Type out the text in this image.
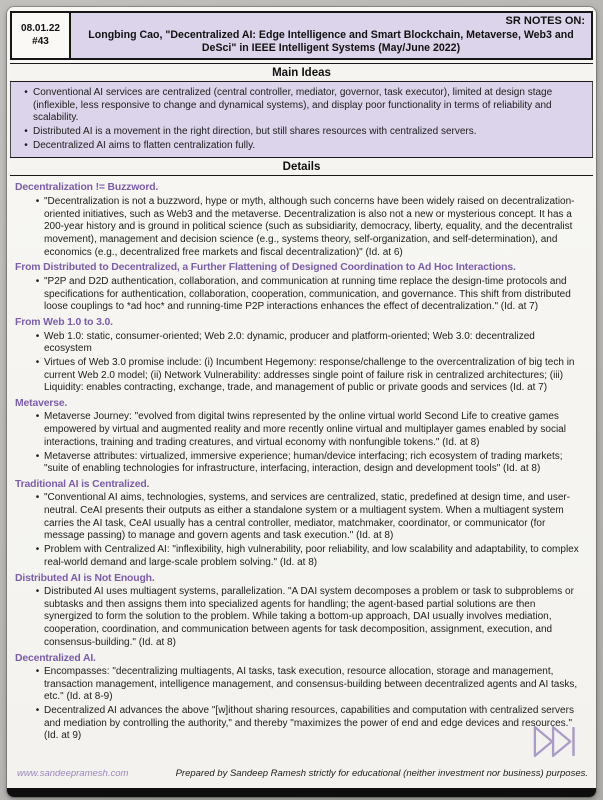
08.01.22
#43
SR NOTES ON:
Longbing Cao, "Decentralized AI: Edge Intelligence and Smart Blockchain, Metaverse, Web3 and DeSci" in IEEE Intelligent Systems (May/June 2022)
Main Ideas
• Conventional AI services are centralized (central controller, mediator, governor, task executor), limited at design stage (inflexible, less responsive to change and dynamical systems), and display poor functionality in terms of reliability and scalability.
• Distributed AI is a movement in the right direction, but still shares resources with centralized servers.
• Decentralized AI aims to flatten centralization fully.
Details
Decentralization != Buzzword.
• "Decentralization is not a buzzword, hype or myth, although such concerns have been widely raised on decentralization-oriented initiatives, such as Web3 and the metaverse. Decentralization is also not a new or mysterious concept. It has a 200-year history and is ground in political science (such as subsidiarity, democracy, liberty, equality, and the decentralist movement), management and decision science (e.g., systems theory, self-organization, and self-determination), and economics (e.g., decentralized free markets and fiscal decentralization)" (Id. at 6)
From Distributed to Decentralized, a Further Flattening of Designed Coordination to Ad Hoc Interactions.
• "P2P and D2D authentication, collaboration, and communication at running time replace the design-time protocols and specifications for authentication, collaboration, cooperation, communication, and governance. This shift from distributed loose couplings to *ad hoc* and running-time P2P interactions enhances the effect of decentralization." (Id. at 7)
From Web 1.0 to 3.0.
• Web 1.0: static, consumer-oriented; Web 2.0: dynamic, producer and platform-oriented; Web 3.0: decentralized ecosystem
• Virtues of Web 3.0 promise include: (i) Incumbent Hegemony: response/challenge to the overcentralization of big tech in current Web 2.0 model; (ii) Network Vulnerability: addresses single point of failure risk in centralized architectures; (iii) Liquidity: enables contracting, exchange, trade, and management of public or private goods and services (Id. at 7)
Metaverse.
• Metaverse Journey: "evolved from digital twins represented by the online virtual world Second Life to creative games empowered by virtual and augmented reality and more recently online virtual and multiplayer games enabled by social interactions, training and trading creatures, and virtual economy with nonfungible tokens." (Id. at 8)
• Metaverse attributes: virtualized, immersive experience; human/device interfacing; rich ecosystem of trading markets; "suite of enabling technologies for infrastructure, interfacing, interaction, design and development tools" (Id. at 8)
Traditional AI is Centralized.
• "Conventional AI aims, technologies, systems, and services are centralized, static, predefined at design time, and user-neutral. CeAI presents their outputs as either a standalone system or a multiagent system. When a multiagent system carries the AI task, CeAI usually has a central controller, mediator, matchmaker, coordinator, or communicator (for message passing) to manage and govern agents and task execution." (Id. at 8)
• Problem with Centralized AI: "inflexibility, high vulnerability, poor reliability, and low scalability and adaptability, to complex real-world demand and large-scale problem solving." (Id. at 8)
Distributed AI is Not Enough.
• Distributed AI uses multiagent systems, parallelization. "A DAI system decomposes a problem or task to subproblems or subtasks and then assigns them into specialized agents for handling; the agent-based partial solutions are then synergized to form the solution to the problem. While taking a bottom-up approach, DAI usually involves mediation, cooperation, coordination, and communication between agents for task decomposition, assignment, execution, and consensus-building." (Id. at 8)
Decentralized AI.
• Encompasses: "decentralizing multiagents, AI tasks, task execution, resource allocation, storage and management, transaction management, intelligence management, and consensus-building between decentralized agents and AI tasks, etc." (Id. at 8-9)
• Decentralized AI advances the above "[w]ithout sharing resources, capabilities and computation with centralized servers and mediation by controlling the authority," and thereby "maximizes the power of end and edge devices and resources." (Id. at 9)
www.sandeepramesh.com	Prepared by Sandeep Ramesh strictly for educational (neither investment nor business) purposes.
